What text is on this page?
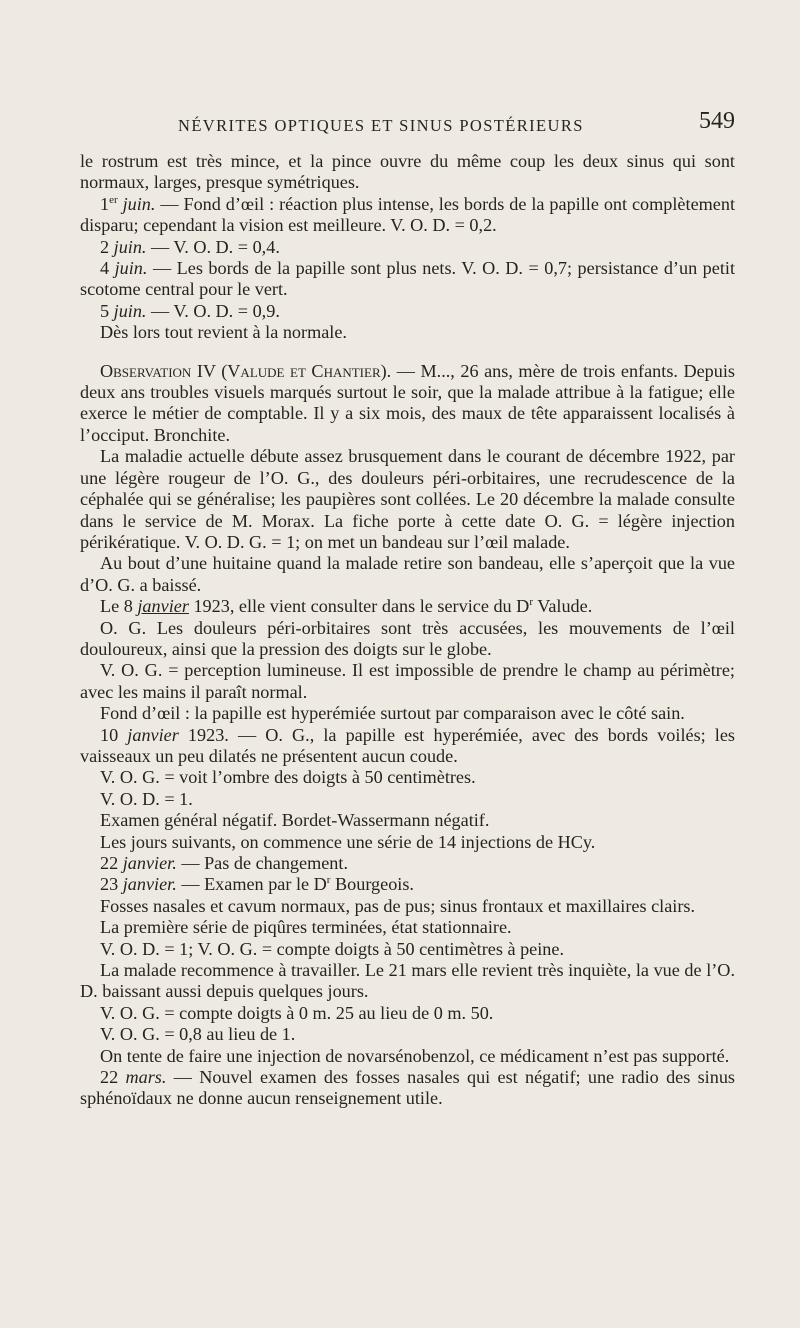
NÉVRITES OPTIQUES ET SINUS POSTÉRIEURS	549

le rostrum est très mince, et la pince ouvre du même coup les deux sinus qui sont normaux, larges, presque symétriques.

1er juin. — Fond d’œil : réaction plus intense, les bords de la papille ont complètement disparu; cependant la vision est meilleure. V. O. D. = 0,2.

2 juin. — V. O. D. = 0,4.

4 juin. — Les bords de la papille sont plus nets. V. O. D. = 0,7; persistance d’un petit scotome central pour le vert.

5 juin. — V. O. D. = 0,9.

Dès lors tout revient à la normale.

Observation IV (Valude et Chantier). — M..., 26 ans, mère de trois enfants. Depuis deux ans troubles visuels marqués surtout le soir, que la malade attribue à la fatigue; elle exerce le métier de comptable. Il y a six mois, des maux de tête apparaissent localisés à l’occiput. Bronchite.

La maladie actuelle débute assez brusquement dans le courant de décembre 1922, par une légère rougeur de l’O. G., des douleurs péri-orbitaires, une recrudescence de la céphalée qui se généralise; les paupières sont collées. Le 20 décembre la malade consulte dans le service de M. Morax. La fiche porte à cette date O. G. = légère injection périkératique. V. O. D. G. = 1; on met un bandeau sur l’œil malade.

Au bout d’une huitaine quand la malade retire son bandeau, elle s’aperçoit que la vue d’O. G. a baissé.

Le 8 janvier 1923, elle vient consulter dans le service du $D^r$ Valude.

O. G. Les douleurs péri-orbitaires sont très accusées, les mouvements de l’œil douloureux, ainsi que la pression des doigts sur le globe.

V. O. G. = perception lumineuse. Il est impossible de prendre le champ au périmètre; avec les mains il paraît normal.

Fond d’œil : la papille est hyperémiée surtout par comparaison avec le côté sain.

10 janvier 1923. — O. G., la papille est hyperémiée, avec des bords voilés; les vaisseaux un peu dilatés ne présentent aucun coude.

V. O. G. = voit l’ombre des doigts à 50 centimètres.

V. O. D. = 1.

Examen général négatif. Bordet-Wassermann négatif.

Les jours suivants, on commence une série de 14 injections de HCy.

22 janvier. — Pas de changement.

23 janvier. — Examen par le $D^r$ Bourgeois.

Fosses nasales et cavum normaux, pas de pus; sinus frontaux et maxillaires clairs.

La première série de piqûres terminées, état stationnaire.

V. O. D. = 1; V. O. G. = compte doigts à 50 centimètres à peine.

La malade recommence à travailler. Le 21 mars elle revient très inquiète, la vue de l’O. D. baissant aussi depuis quelques jours.

V. O. G. = compte doigts à 0 m. 25 au lieu de 0 m. 50.

V. O. G. = 0,8 au lieu de 1.

On tente de faire une injection de novarsénobenzol, ce médicament n’est pas supporté.

22 mars. — Nouvel examen des fosses nasales qui est négatif; une radio des sinus sphénoïdaux ne donne aucun renseignement utile.
